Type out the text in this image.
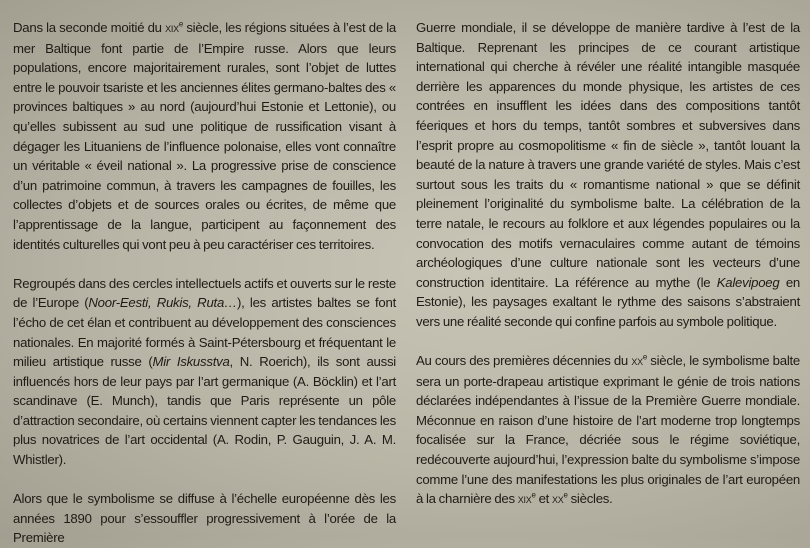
Dans la seconde moitié du xix$^e$ siècle, les régions situées à l’est de la mer Baltique font partie de l’Empire russe. Alors que leurs populations, encore majoritairement rurales, sont l’objet de luttes entre le pouvoir tsariste et les anciennes élites germano-baltes des « provinces baltiques » au nord (aujourd’hui Estonie et Lettonie), ou qu’elles subissent au sud une politique de russification visant à dégager les Lituaniens de l’influence polonaise, elles vont connaître un véritable « éveil national ». La progressive prise de conscience d’un patrimoine commun, à travers les campagnes de fouilles, les collectes d’objets et de sources orales ou écrites, de même que l’apprentissage de la langue, participent au façonnement des identités culturelles qui vont peu à peu caractériser ces territoires.

Regroupés dans des cercles intellectuels actifs et ouverts sur le reste de l’Europe (Noor-Eesti, Rukis, Ruta…), les artistes baltes se font l’écho de cet élan et contribuent au développement des consciences nationales. En majorité formés à Saint-Pétersbourg et fréquentant le milieu artistique russe (Mir Iskusstva, N. Roerich), ils sont aussi influencés hors de leur pays par l’art germanique (A. Böcklin) et l’art scandinave (E. Munch), tandis que Paris représente un pôle d’attraction secondaire, où certains viennent capter les tendances les plus novatrices de l’art occidental (A. Rodin, P. Gauguin, J. A. M. Whistler).

Alors que le symbolisme se diffuse à l’échelle européenne dès les années 1890 pour s’essouffler progressivement à l’orée de la Première

Guerre mondiale, il se développe de manière tardive à l’est de la Baltique. Reprenant les principes de ce courant artistique international qui cherche à révéler une réalité intangible masquée derrière les apparences du monde physique, les artistes de ces contrées en insufflent les idées dans des compositions tantôt féeriques et hors du temps, tantôt sombres et subversives dans l’esprit propre au cosmopolitisme « fin de siècle », tantôt louant la beauté de la nature à travers une grande variété de styles. Mais c’est surtout sous les traits du « romantisme national » que se définit pleinement l’originalité du symbolisme balte. La célébration de la terre natale, le recours au folklore et aux légendes populaires ou la convocation des motifs vernaculaires comme autant de témoins archéologiques d’une culture nationale sont les vecteurs d’une construction identitaire. La référence au mythe (le Kalevipoeg en Estonie), les paysages exaltant le rythme des saisons s’abstraient vers une réalité seconde qui confine parfois au symbole politique.

Au cours des premières décennies du $xx^e$ siècle, le symbolisme balte sera un porte-drapeau artistique exprimant le génie de trois nations déclarées indépendantes à l’issue de la Première Guerre mondiale. Méconnue en raison d’une histoire de l’art moderne trop longtemps focalisée sur la France, décriée sous le régime soviétique, redécouverte aujourd’hui, l’expression balte du symbolisme s’impose comme l’une des manifestations les plus originales de l’art européen à la charnière des xix$^e$ et $xx^e$ siècles.
